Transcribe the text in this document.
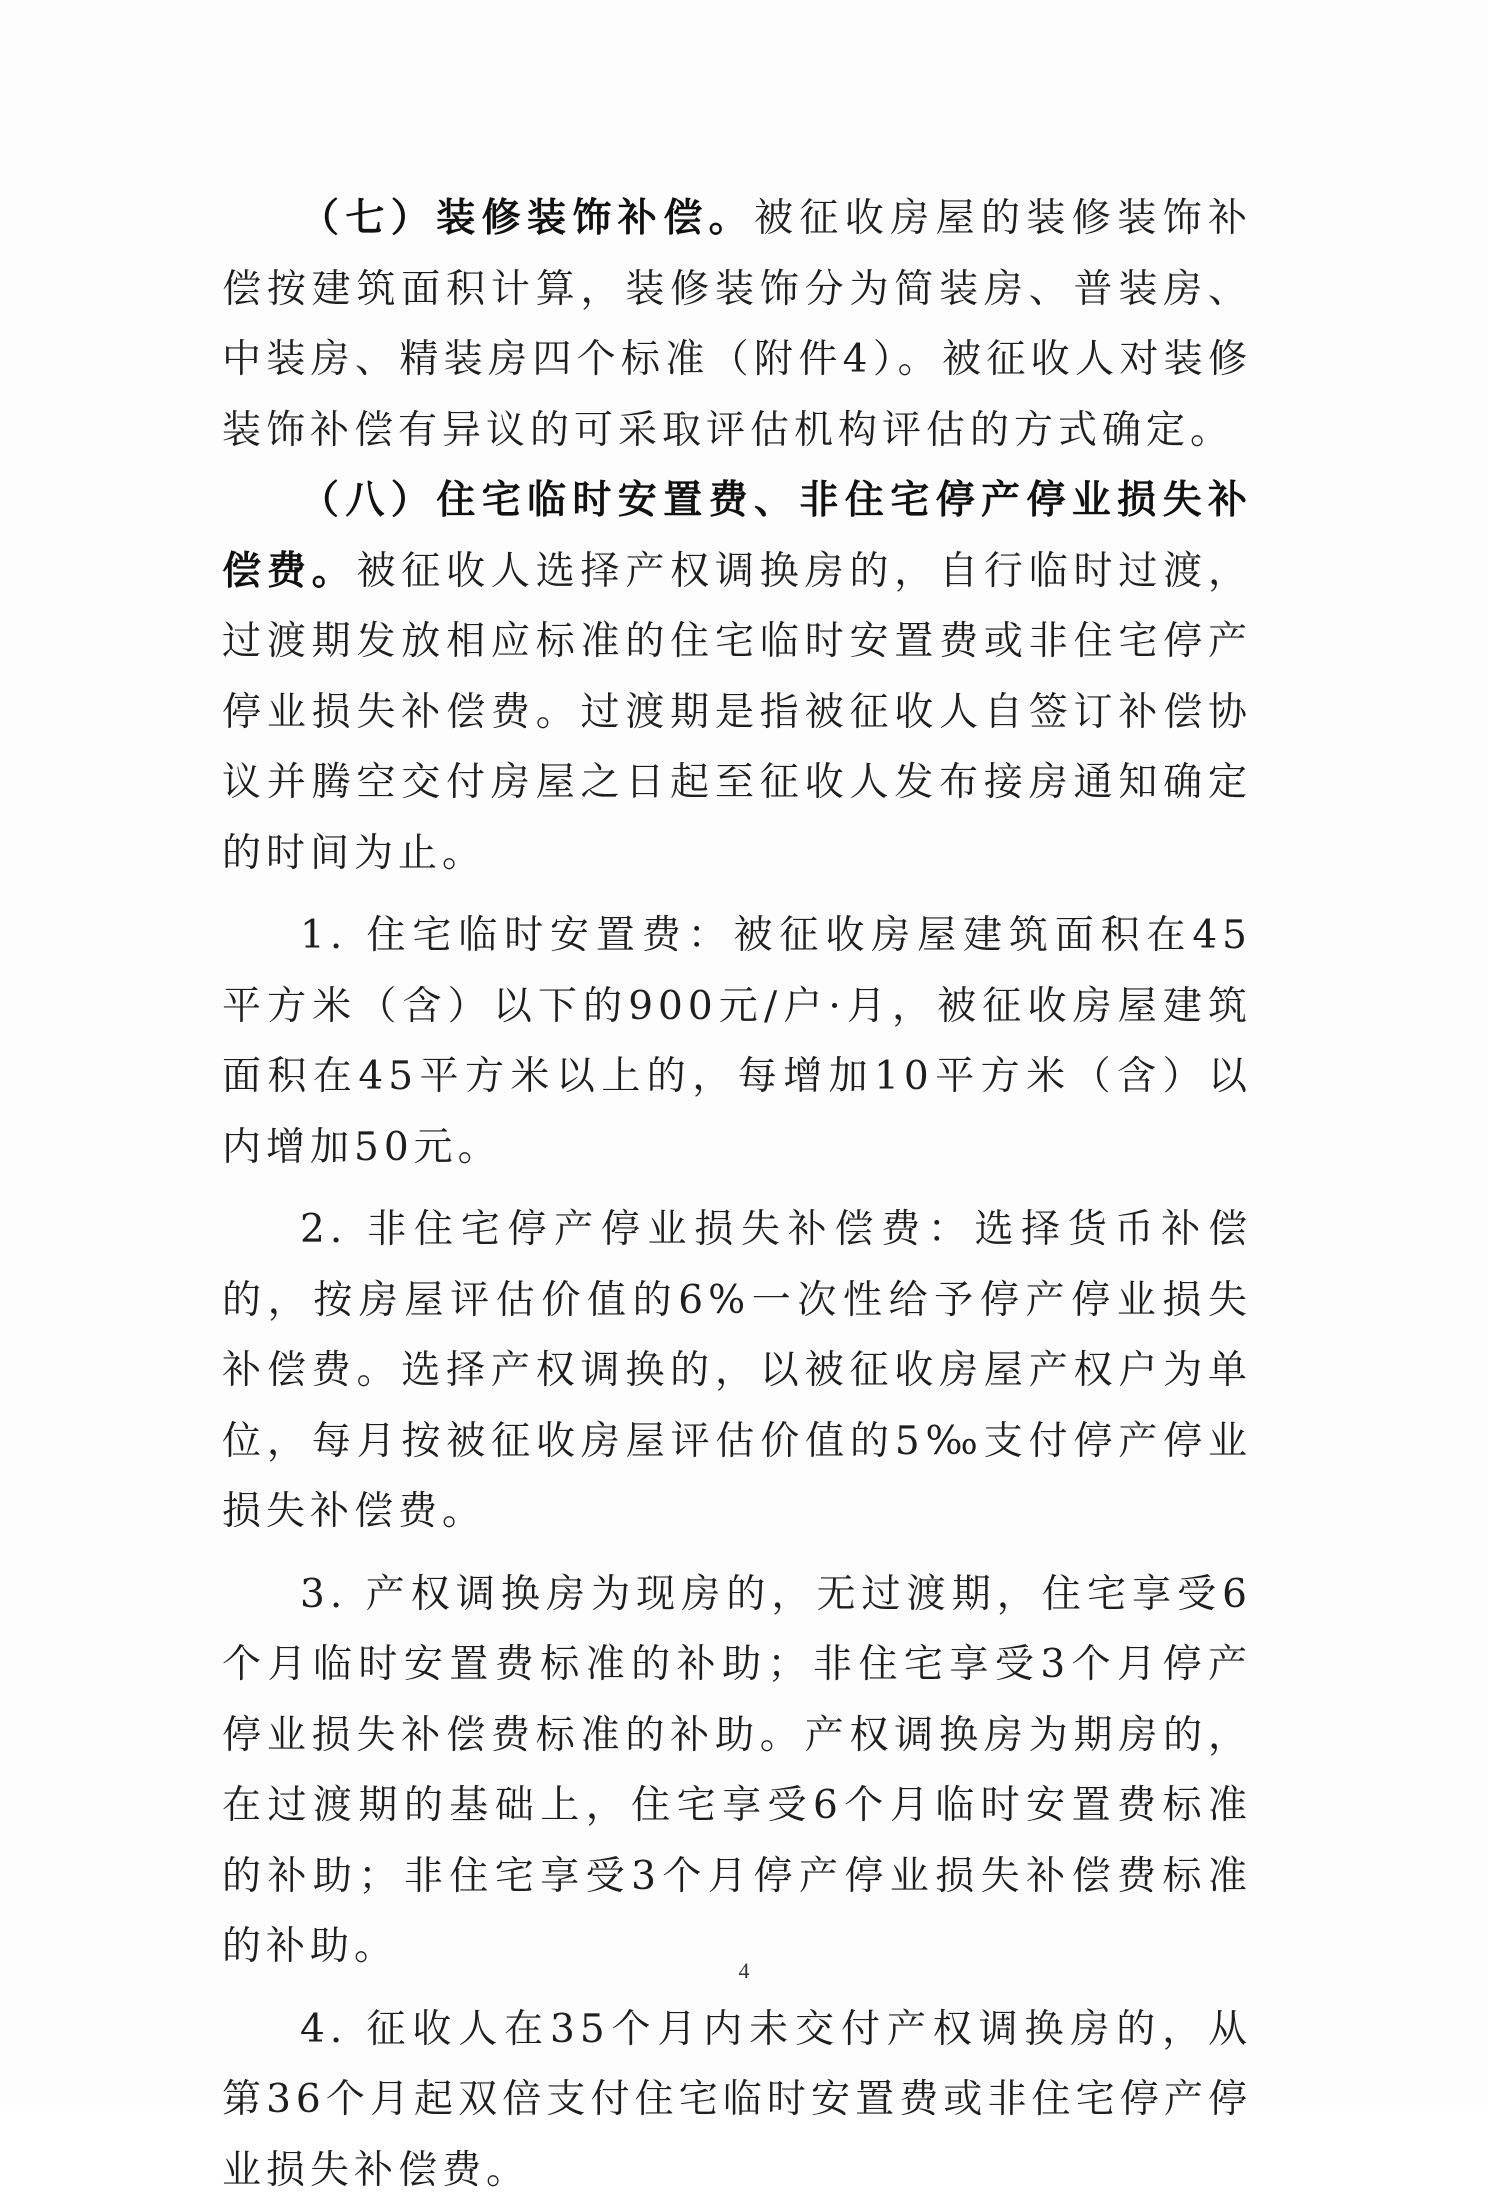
（七）装修装饰补偿。被征收房屋的装修装饰补偿按建筑面积计算，装修装饰分为简装房、普装房、中装房、精装房四个标准（附件4）。被征收人对装修装饰补偿有异议的可采取评估机构评估的方式确定。

（八）住宅临时安置费、非住宅停产停业损失补偿费。被征收人选择产权调换房的，自行临时过渡，过渡期发放相应标准的住宅临时安置费或非住宅停产停业损失补偿费。过渡期是指被征收人自签订补偿协议并腾空交付房屋之日起至征收人发布接房通知确定的时间为止。

1. 住宅临时安置费：被征收房屋建筑面积在45平方米（含）以下的900元/户·月，被征收房屋建筑面积在45平方米以上的，每增加10平方米（含）以内增加50元。

2. 非住宅停产停业损失补偿费：选择货币补偿的，按房屋评估价值的6%一次性给予停产停业损失补偿费。选择产权调换的，以被征收房屋产权户为单位，每月按被征收房屋评估价值的5‰支付停产停业损失补偿费。

3. 产权调换房为现房的，无过渡期，住宅享受6个月临时安置费标准的补助；非住宅享受3个月停产停业损失补偿费标准的补助。产权调换房为期房的，在过渡期的基础上，住宅享受6个月临时安置费标准的补助；非住宅享受3个月停产停业损失补偿费标准的补助。

4. 征收人在35个月内未交付产权调换房的，从第36个月起双倍支付住宅临时安置费或非住宅停产停业损失补偿费。

4
